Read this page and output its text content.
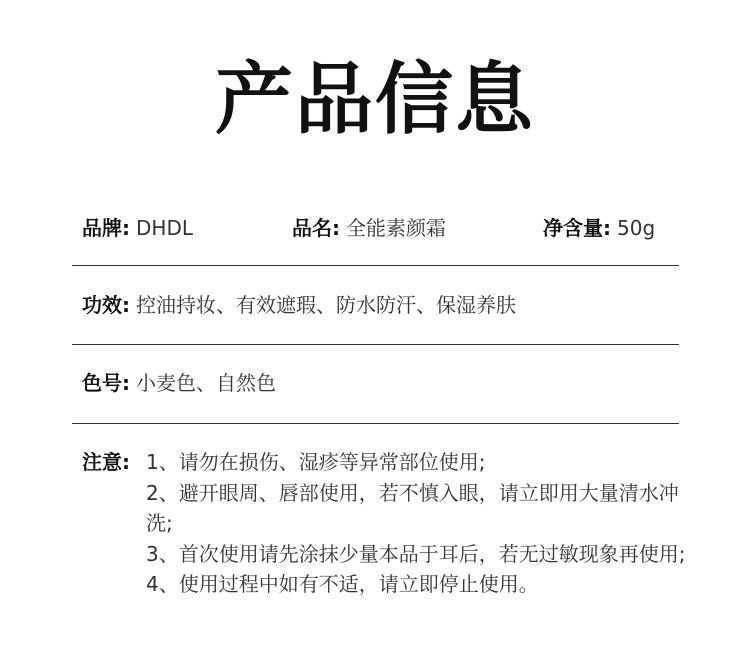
产品信息
品牌: DHDL	品名: 全能素颜霜	净含量: 50g
功效: 控油持妆、有效遮瑕、防水防汗、保湿养肤
色号: 小麦色、自然色
注意: 1、请勿在损伤、湿疹等异常部位使用;
2、避开眼周、唇部使用，若不慎入眼，请立即用大量清水冲洗;
3、首次使用请先涂抹少量本品于耳后，若无过敏现象再使用;
4、使用过程中如有不适，请立即停止使用。
